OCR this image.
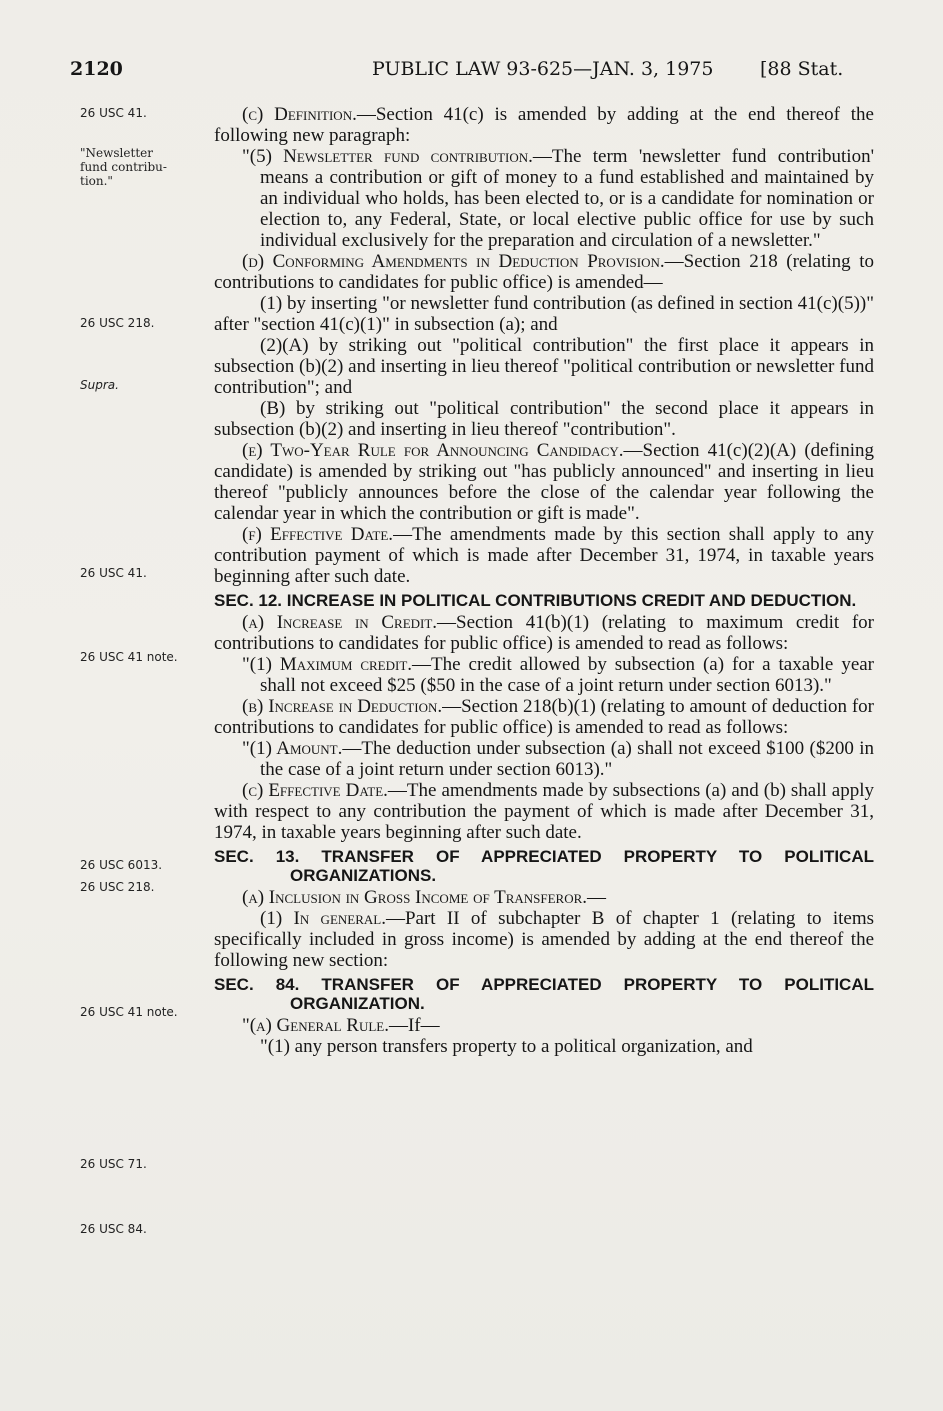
2120	PUBLIC LAW 93-625—JAN. 3, 1975 [88 Stat.
26 USC 41.
"Newsletter fund contribu- tion."
26 USC 218.
Supra.
26 USC 41.
26 USC 41 note.
26 USC 6013.
26 USC 218.
26 USC 41 note.
26 USC 71.
26 USC 84.

(c) Definition.—Section 41(c) is amended by adding at the end thereof the following new paragraph:

"(5) Newsletter fund contribution.—The term 'newsletter fund contribution' means a contribution or gift of money to a fund established and maintained by an individual who holds, has been elected to, or is a candidate for nomination or election to, any Federal, State, or local elective public office for use by such individual exclusively for the preparation and circulation of a newsletter."

(d) Conforming Amendments in Deduction Provision.—Section 218 (relating to contributions to candidates for public office) is amended—

(1) by inserting "or newsletter fund contribution (as defined in section 41(c)(5))" after "section 41(c)(1)" in subsection (a); and

(2)(A) by striking out "political contribution" the first place it appears in subsection (b)(2) and inserting in lieu thereof "political contribution or newsletter fund contribution"; and

(B) by striking out "political contribution" the second place it appears in subsection (b)(2) and inserting in lieu thereof "contribution".

(e) Two-Year Rule for Announcing Candidacy.—Section 41(c)(2)(A) (defining candidate) is amended by striking out "has publicly announced" and inserting in lieu thereof "publicly announces before the close of the calendar year following the calendar year in which the contribution or gift is made".

(f) Effective Date.—The amendments made by this section shall apply to any contribution payment of which is made after December 31, 1974, in taxable years beginning after such date.

SEC. 12. INCREASE IN POLITICAL CONTRIBUTIONS CREDIT AND DEDUCTION.

(a) Increase in Credit.—Section 41(b)(1) (relating to maximum credit for contributions to candidates for public office) is amended to read as follows:

"(1) Maximum credit.—The credit allowed by subsection (a) for a taxable year shall not exceed $25 ($50 in the case of a joint return under section 6013)."

(b) Increase in Deduction.—Section 218(b)(1) (relating to amount of deduction for contributions to candidates for public office) is amended to read as follows:

"(1) Amount.—The deduction under subsection (a) shall not exceed $100 ($200 in the case of a joint return under section 6013)."

(c) Effective Date.—The amendments made by subsections (a) and (b) shall apply with respect to any contribution the payment of which is made after December 31, 1974, in taxable years beginning after such date.

SEC. 13. TRANSFER OF APPRECIATED PROPERTY TO POLITICAL ORGANIZATIONS.

(a) Inclusion in Gross Income of Transferor.—

(1) In general.—Part II of subchapter B of chapter 1 (relating to items specifically included in gross income) is amended by adding at the end thereof the following new section:

SEC. 84. TRANSFER OF APPRECIATED PROPERTY TO POLITICAL ORGANIZATION.

"(a) General Rule.—If—

"(1) any person transfers property to a political organization, and
